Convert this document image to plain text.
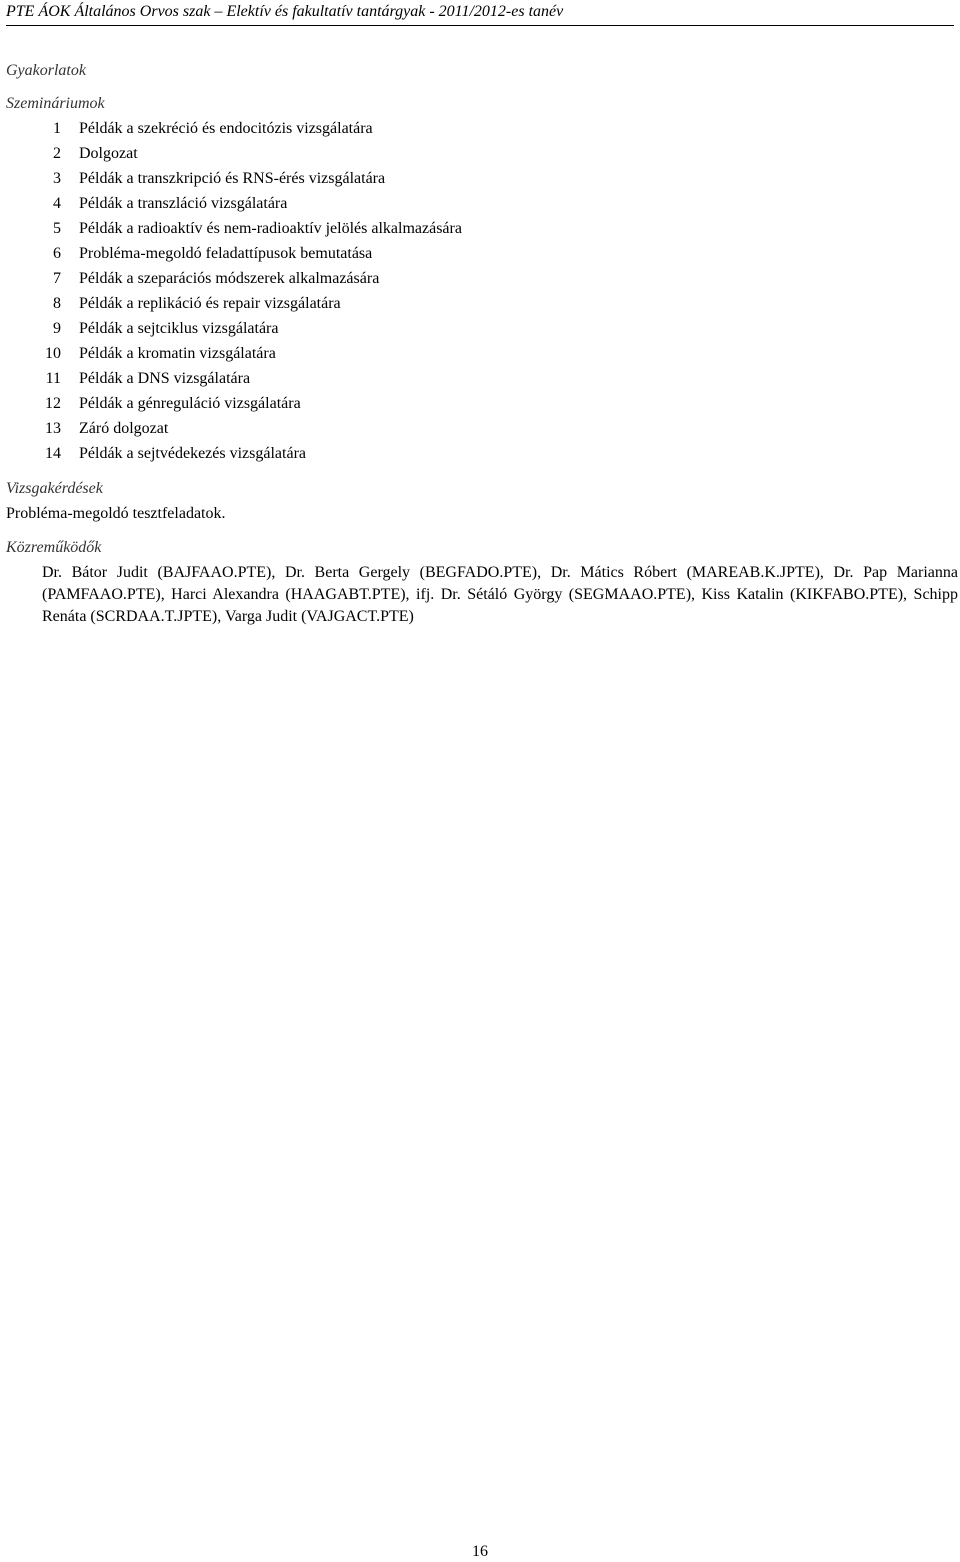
PTE ÁOK Általános Orvos szak – Elektív és fakultatív tantárgyak - 2011/2012-es tanév
Gyakorlatok
Szemináriumok
1 Példák a szekréció és endocitózis vizsgálatára
2 Dolgozat
3 Példák a transzkripció és RNS-érés vizsgálatára
4 Példák a transzláció vizsgálatára
5 Példák a radioaktív és nem-radioaktív jelölés alkalmazására
6 Probléma-megoldó feladattípusok bemutatása
7 Példák a szeparációs módszerek alkalmazására
8 Példák a replikáció és repair vizsgálatára
9 Példák a sejtciklus vizsgálatára
10 Példák a kromatin vizsgálatára
11 Példák a DNS vizsgálatára
12 Példák a génreguláció vizsgálatára
13 Záró dolgozat
14 Példák a sejtvédekezés vizsgálatára
Vizsgakérdések
Probléma-megoldó tesztfeladatok.
Közreműködők
Dr. Bátor Judit (BAJFAAO.PTE), Dr. Berta Gergely (BEGFADO.PTE), Dr. Mátics Róbert (MAREAB.K.JPTE), Dr. Pap Marianna (PAMFAAO.PTE), Harci Alexandra (HAAGABT.PTE), ifj. Dr. Sétáló György (SEGMAAO.PTE), Kiss Katalin (KIKFABO.PTE), Schipp Renáta (SCRDAA.T.JPTE), Varga Judit (VAJGACT.PTE)
16
